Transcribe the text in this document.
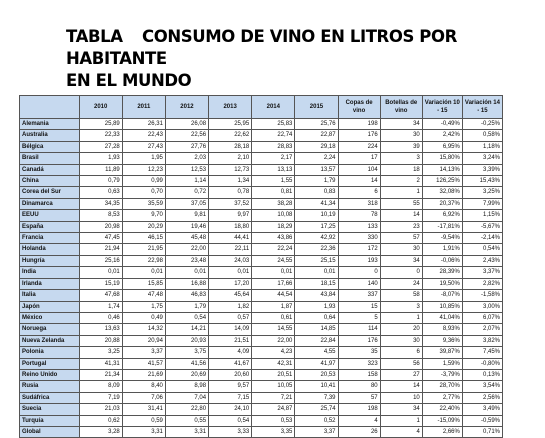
TABLA CONSUMO DE VINO EN LITROS POR HABITANTE
EN EL MUNDO
	2010	2011	2012	2013	2014	2015	Copas de vino	Botellas de vino	Variación 10 - 15	Variación 14 - 15
Alemania	25,89	26,31	26,08	25,95	25,83	25,76	198	34	-0,49%	-0,25%
Australia	22,33	22,43	22,56	22,62	22,74	22,87	176	30	2,42%	0,58%
Bélgica	27,28	27,43	27,76	28,18	28,83	29,18	224	39	6,95%	1,18%
Brasil	1,93	1,95	2,03	2,10	2,17	2,24	17	3	15,80%	3,24%
Canadá	11,89	12,23	12,53	12,73	13,13	13,57	104	18	14,13%	3,39%
China	0,79	0,99	1,14	1,34	1,55	1,79	14	2	126,25%	15,43%
Corea del Sur	0,63	0,70	0,72	0,78	0,81	0,83	6	1	32,08%	3,25%
Dinamarca	34,35	35,59	37,05	37,52	38,28	41,34	318	55	20,37%	7,99%
EEUU	8,53	9,70	9,81	9,97	10,08	10,19	78	14	6,92%	1,15%
España	20,98	20,29	19,46	18,80	18,29	17,25	133	23	-17,81%	-5,67%
Francia	47,45	46,15	45,48	44,41	43,86	42,92	330	57	-9,54%	-2,14%
Holanda	21,94	21,95	22,00	22,11	22,24	22,36	172	30	1,91%	0,54%
Hungría	25,16	22,98	23,48	24,03	24,55	25,15	193	34	-0,06%	2,43%
India	0,01	0,01	0,01	0,01	0,01	0,01	0	0	28,39%	3,37%
Irlanda	15,19	15,85	16,88	17,20	17,66	18,15	140	24	19,50%	2,82%
Italia	47,68	47,48	46,83	45,64	44,54	43,84	337	58	-8,07%	-1,58%
Japón	1,74	1,75	1,79	1,82	1,87	1,93	15	3	10,85%	3,00%
México	0,46	0,49	0,54	0,57	0,61	0,64	5	1	41,04%	6,07%
Noruega	13,63	14,32	14,21	14,09	14,55	14,85	114	20	8,93%	2,07%
Nueva Zelanda	20,88	20,94	20,93	21,51	22,00	22,84	176	30	9,36%	3,82%
Polonia	3,25	3,37	3,75	4,09	4,23	4,55	35	6	39,87%	7,45%
Portugal	41,31	41,57	41,56	41,67	42,31	41,97	323	56	1,59%	-0,80%
Reino Unido	21,34	21,69	20,69	20,60	20,51	20,53	158	27	-3,79%	0,13%
Rusia	8,09	8,40	8,98	9,57	10,05	10,41	80	14	28,70%	3,54%
Sudáfrica	7,19	7,06	7,04	7,15	7,21	7,39	57	10	2,77%	2,56%
Suecia	21,03	31,41	22,80	24,10	24,87	25,74	198	34	22,40%	3,49%
Turquía	0,62	0,59	0,55	0,54	0,53	0,52	4	1	-15,09%	-0,59%
Global	3,28	3,31	3,31	3,33	3,35	3,37	26	4	2,66%	0,71%
